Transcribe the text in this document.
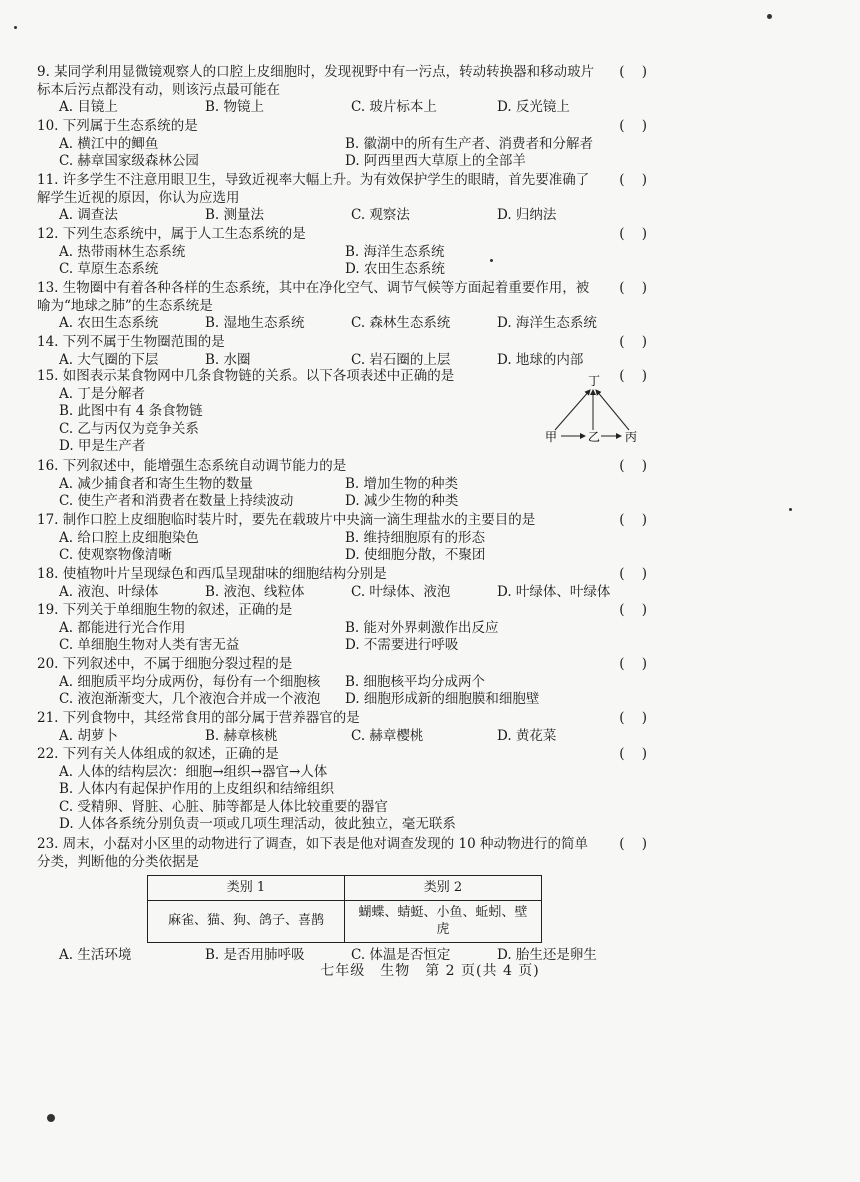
9. 某同学利用显微镜观察人的口腔上皮细胞时，发现视野中有一污点，转动转换器和移动玻片标本后污点都没有动，则该污点最可能在
(    )
A. 目镜上	B. 物镜上	C. 玻片标本上	D. 反光镜上
10. 下列属于生态系统的是	(    )
A. 横江中的鲫鱼	B. 徽湖中的所有生产者、消费者和分解者
C. 赫章国家级森林公园	D. 阿西里西大草原上的全部羊
11. 许多学生不注意用眼卫生，导致近视率大幅上升。为有效保护学生的眼睛，首先要准确了解学生近视的原因，你认为应选用
(    )
A. 调查法	B. 测量法	C. 观察法	D. 归纳法
12. 下列生态系统中，属于人工生态系统的是	(    )
A. 热带雨林生态系统	B. 海洋生态系统
C. 草原生态系统	D. 农田生态系统
13. 生物圈中有着各种各样的生态系统，其中在净化空气、调节气候等方面起着重要作用，被喻为“地球之肺”的生态系统是
(    )
A. 农田生态系统	B. 湿地生态系统	C. 森林生态系统	D. 海洋生态系统
14. 下列不属于生物圈范围的是	(    )
A. 大气圈的下层	B. 水圈	C. 岩石圈的上层	D. 地球的内部
15. 如图表示某食物网中几条食物链的关系。以下各项表述中正确的是	(    )
A. 丁是分解者
B. 此图中有 4 条食物链
C. 乙与丙仅为竞争关系
D. 甲是生产者
16. 下列叙述中，能增强生态系统自动调节能力的是	(    )
A. 减少捕食者和寄生生物的数量	B. 增加生物的种类
C. 使生产者和消费者在数量上持续波动	D. 减少生物的种类
17. 制作口腔上皮细胞临时装片时，要先在载玻片中央滴一滴生理盐水的主要目的是	(    )
A. 给口腔上皮细胞染色	B. 维持细胞原有的形态
C. 使观察物像清晰	D. 使细胞分散，不聚团
18. 使植物叶片呈现绿色和西瓜呈现甜味的细胞结构分别是	(    )
A. 液泡、叶绿体	B. 液泡、线粒体	C. 叶绿体、液泡	D. 叶绿体、叶绿体
19. 下列关于单细胞生物的叙述，正确的是	(    )
A. 都能进行光合作用	B. 能对外界刺激作出反应
C. 单细胞生物对人类有害无益	D. 不需要进行呼吸
20. 下列叙述中，不属于细胞分裂过程的是	(    )
A. 细胞质平均分成两份，每份有一个细胞核	B. 细胞核平均分成两个
C. 液泡渐渐变大，几个液泡合并成一个液泡	D. 细胞形成新的细胞膜和细胞壁
21. 下列食物中，其经常食用的部分属于营养器官的是	(    )
A. 胡萝卜	B. 赫章核桃	C. 赫章樱桃	D. 黄花菜
22. 下列有关人体组成的叙述，正确的是	(    )
A. 人体的结构层次：细胞→组织→器官→人体
B. 人体内有起保护作用的上皮组织和结缔组织
C. 受精卵、肾脏、心脏、肺等都是人体比较重要的器官
D. 人体各系统分别负责一项或几项生理活动，彼此独立，毫无联系
23. 周末，小磊对小区里的动物进行了调查，如下表是他对调查发现的 10 种动物进行的简单分类，判断他的分类依据是
(    )
类别 1	类别 2
麻雀、猫、狗、鸽子、喜鹊	蝴蝶、蜻蜓、小鱼、蚯蚓、壁虎
A. 生活环境	B. 是否用肺呼吸	C. 体温是否恒定	D. 胎生还是卵生
丁
甲	乙 丙
七年级　生物　第 2 页(共 4 页)
